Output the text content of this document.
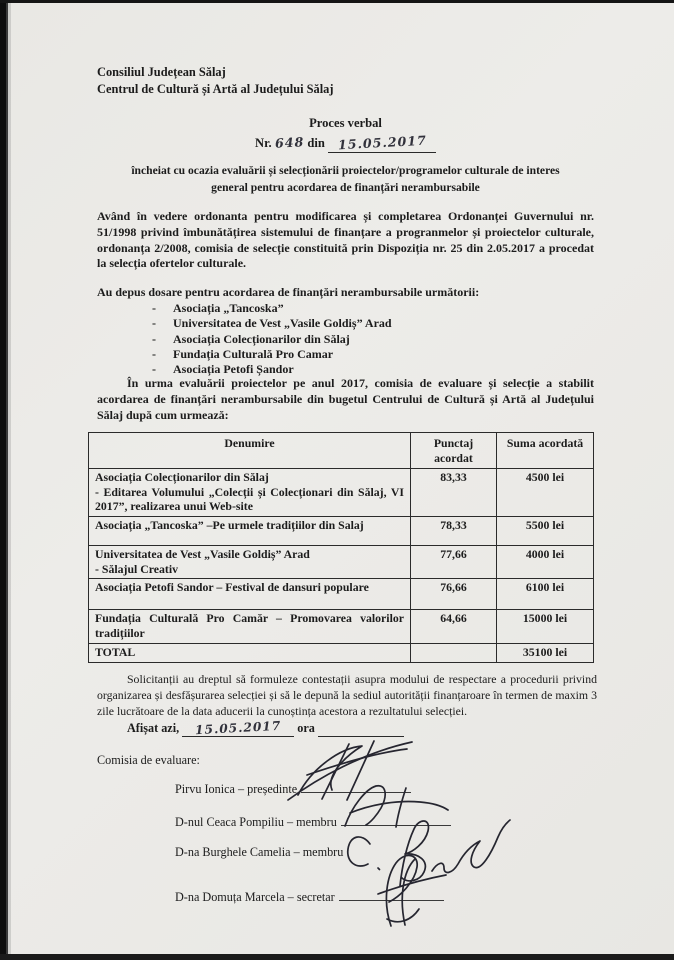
Consiliul Județean Sălaj
Centrul de Cultură și Artă al Județului Sălaj
Proces verbal
Nr. 648 din 15.05.2017
încheiat cu ocazia evaluării și selecționării proiectelor/programelor culturale de interes
general pentru acordarea de finanțări nerambursabile
Având în vedere ordonanta pentru modificarea și completarea Ordonanței Guvernului nr. 51/1998 privind îmbunătățirea sistemului de finanțare a progranmelor și proiectelor culturale, ordonanța 2/2008, comisia de selecție constituită prin Dispoziția nr. 25 din 2.05.2017 a procedat la selecția ofertelor culturale.
Au depus dosare pentru acordarea de finanțări nerambursabile următorii:
-	Asociația „Tancoska”
-	Universitatea de Vest „Vasile Goldiș” Arad
-	Asociația Colecționarilor din Sălaj
-	Fundația Culturală Pro Camar
-	Asociația Petofi Șandor
În urma evaluării proiectelor pe anul 2017, comisia de evaluare și selecție a stabilit acordarea de finanțări nerambursabile din bugetul Centrului de Cultură și Artă al Județului Sălaj după cum urmează:
Denumire	Punctaj acordat	Suma acordată

Asociația Colecționarilor din Sălaj
- Editarea Volumului „Colecții și Colecționari din Sălaj, VI 2017”, realizarea unui Web-site	83,33	4500 lei

Asociația „Tancoska” –Pe urmele tradițiilor din Salaj	78,33	5500 lei

Universitatea de Vest „Vasile Goldiș” Arad
- Sălajul Creativ	77,66	4000 lei

Asociația Petofi Sandor – Festival de dansuri populare	76,66	6100 lei

Fundația Culturală Pro Camăr – Promovarea valorilor tradițiilor	64,66	15000 lei
TOTAL		35100 lei
Solicitanții au dreptul să formuleze contestații asupra modului de respectare a procedurii privind organizarea și desfășurarea selecției și să le depună la sediul autorității finanțaroare în termen de maxim 3 zile lucrătoare de la data aducerii la cunoștința acestora a rezultatului selecției.
Afișat azi, 15.05.2017 ora
Comisia de evaluare:
Pirvu Ionica – președinte
D-nul Ceaca Pompiliu – membru
D-na Burghele Camelia – membru
D-na Domuța Marcela – secretar
